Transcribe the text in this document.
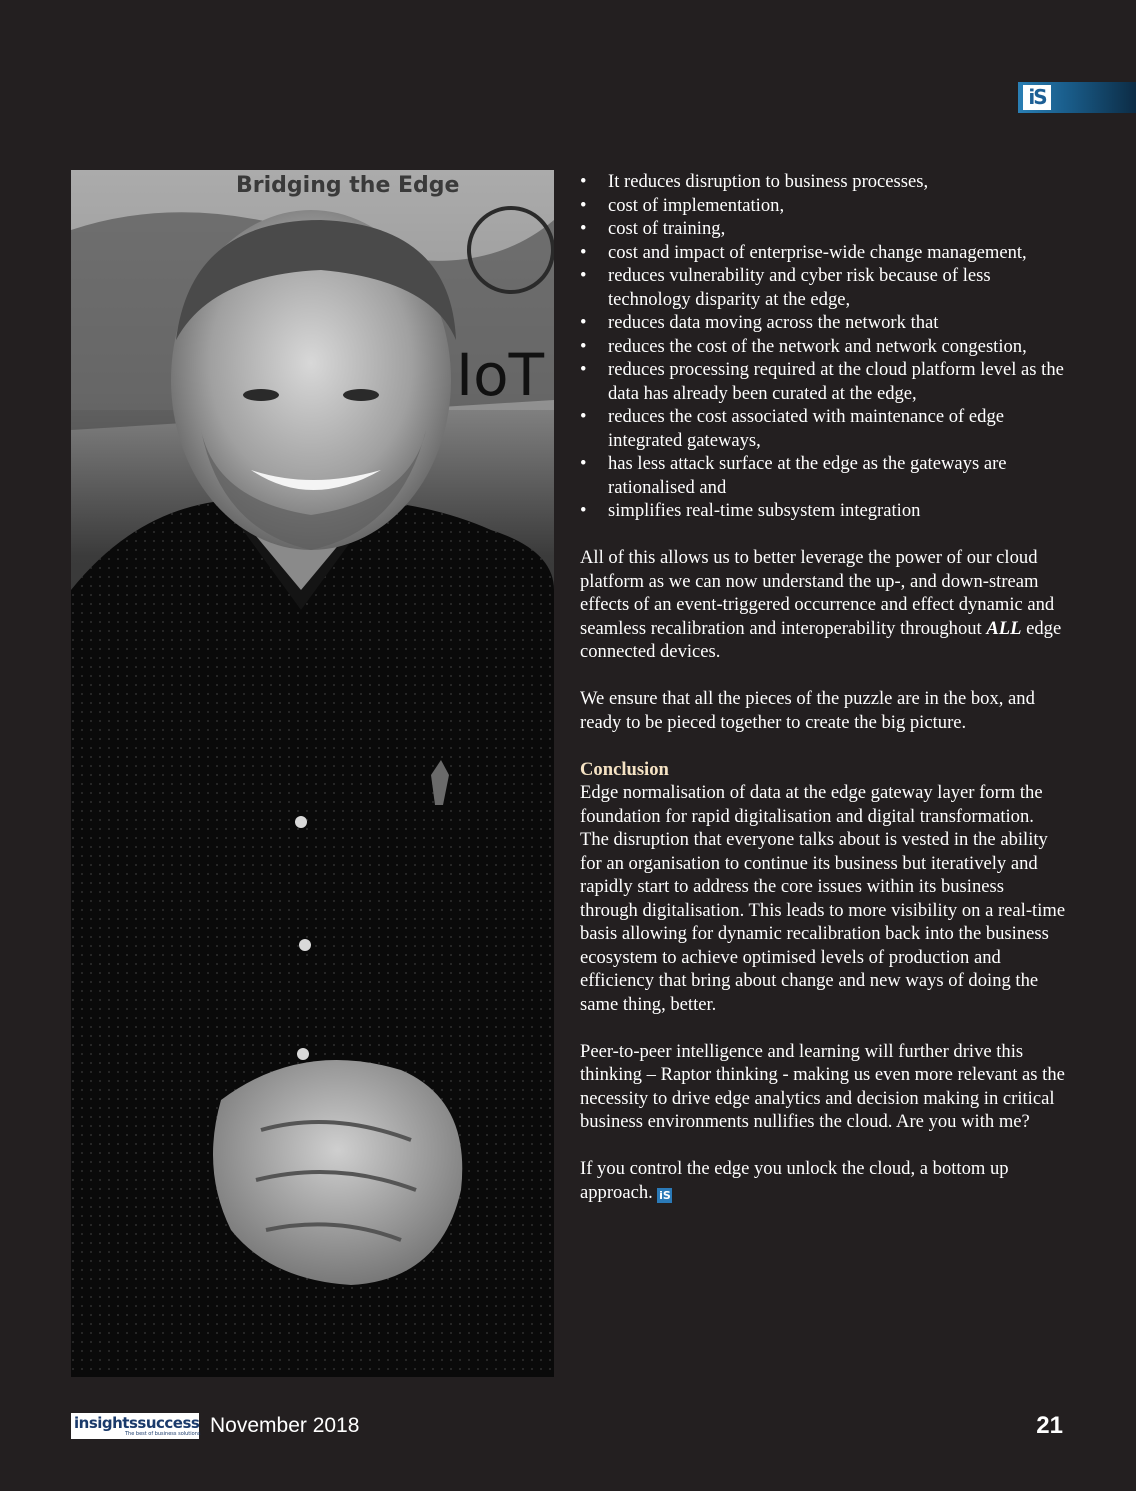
iS
Bridging the Edge
IoT
• It reduces disruption to business processes,
• cost of implementation,
• cost of training,
• cost and impact of enterprise-wide change management,
• reduces vulnerability and cyber risk because of less technology disparity at the edge,
• reduces data moving across the network that
• reduces the cost of the network and network congestion,
• reduces processing required at the cloud platform level as the data has already been curated at the edge,
• reduces the cost associated with maintenance of edge integrated gateways,
• has less attack surface at the edge as the gateways are rationalised and
• simplifies real-time subsystem integration

All of this allows us to better leverage the power of our cloud platform as we can now understand the up-, and down-stream effects of an event-triggered occurrence and effect dynamic and seamless recalibration and interoperability throughout ALL edge connected devices.

We ensure that all the pieces of the puzzle are in the box, and ready to be pieced together to create the big picture.

Conclusion

Edge normalisation of data at the edge gateway layer form the foundation for rapid digitalisation and digital transformation. The disruption that everyone talks about is vested in the ability for an organisation to continue its business but iteratively and rapidly start to address the core issues within its business through digitalisation. This leads to more visibility on a real-time basis allowing for dynamic recalibration back into the business ecosystem to achieve optimised levels of production and efficiency that bring about change and new ways of doing the same thing, better.

Peer-to-peer intelligence and learning will further drive this thinking – Raptor thinking - making us even more relevant as the necessity to drive edge analytics and decision making in critical business environments nullifies the cloud. Are you with me?

If you control the edge you unlock the cloud, a bottom up approach. iS

insightssuccess
The best of business solutions November 2018	21
